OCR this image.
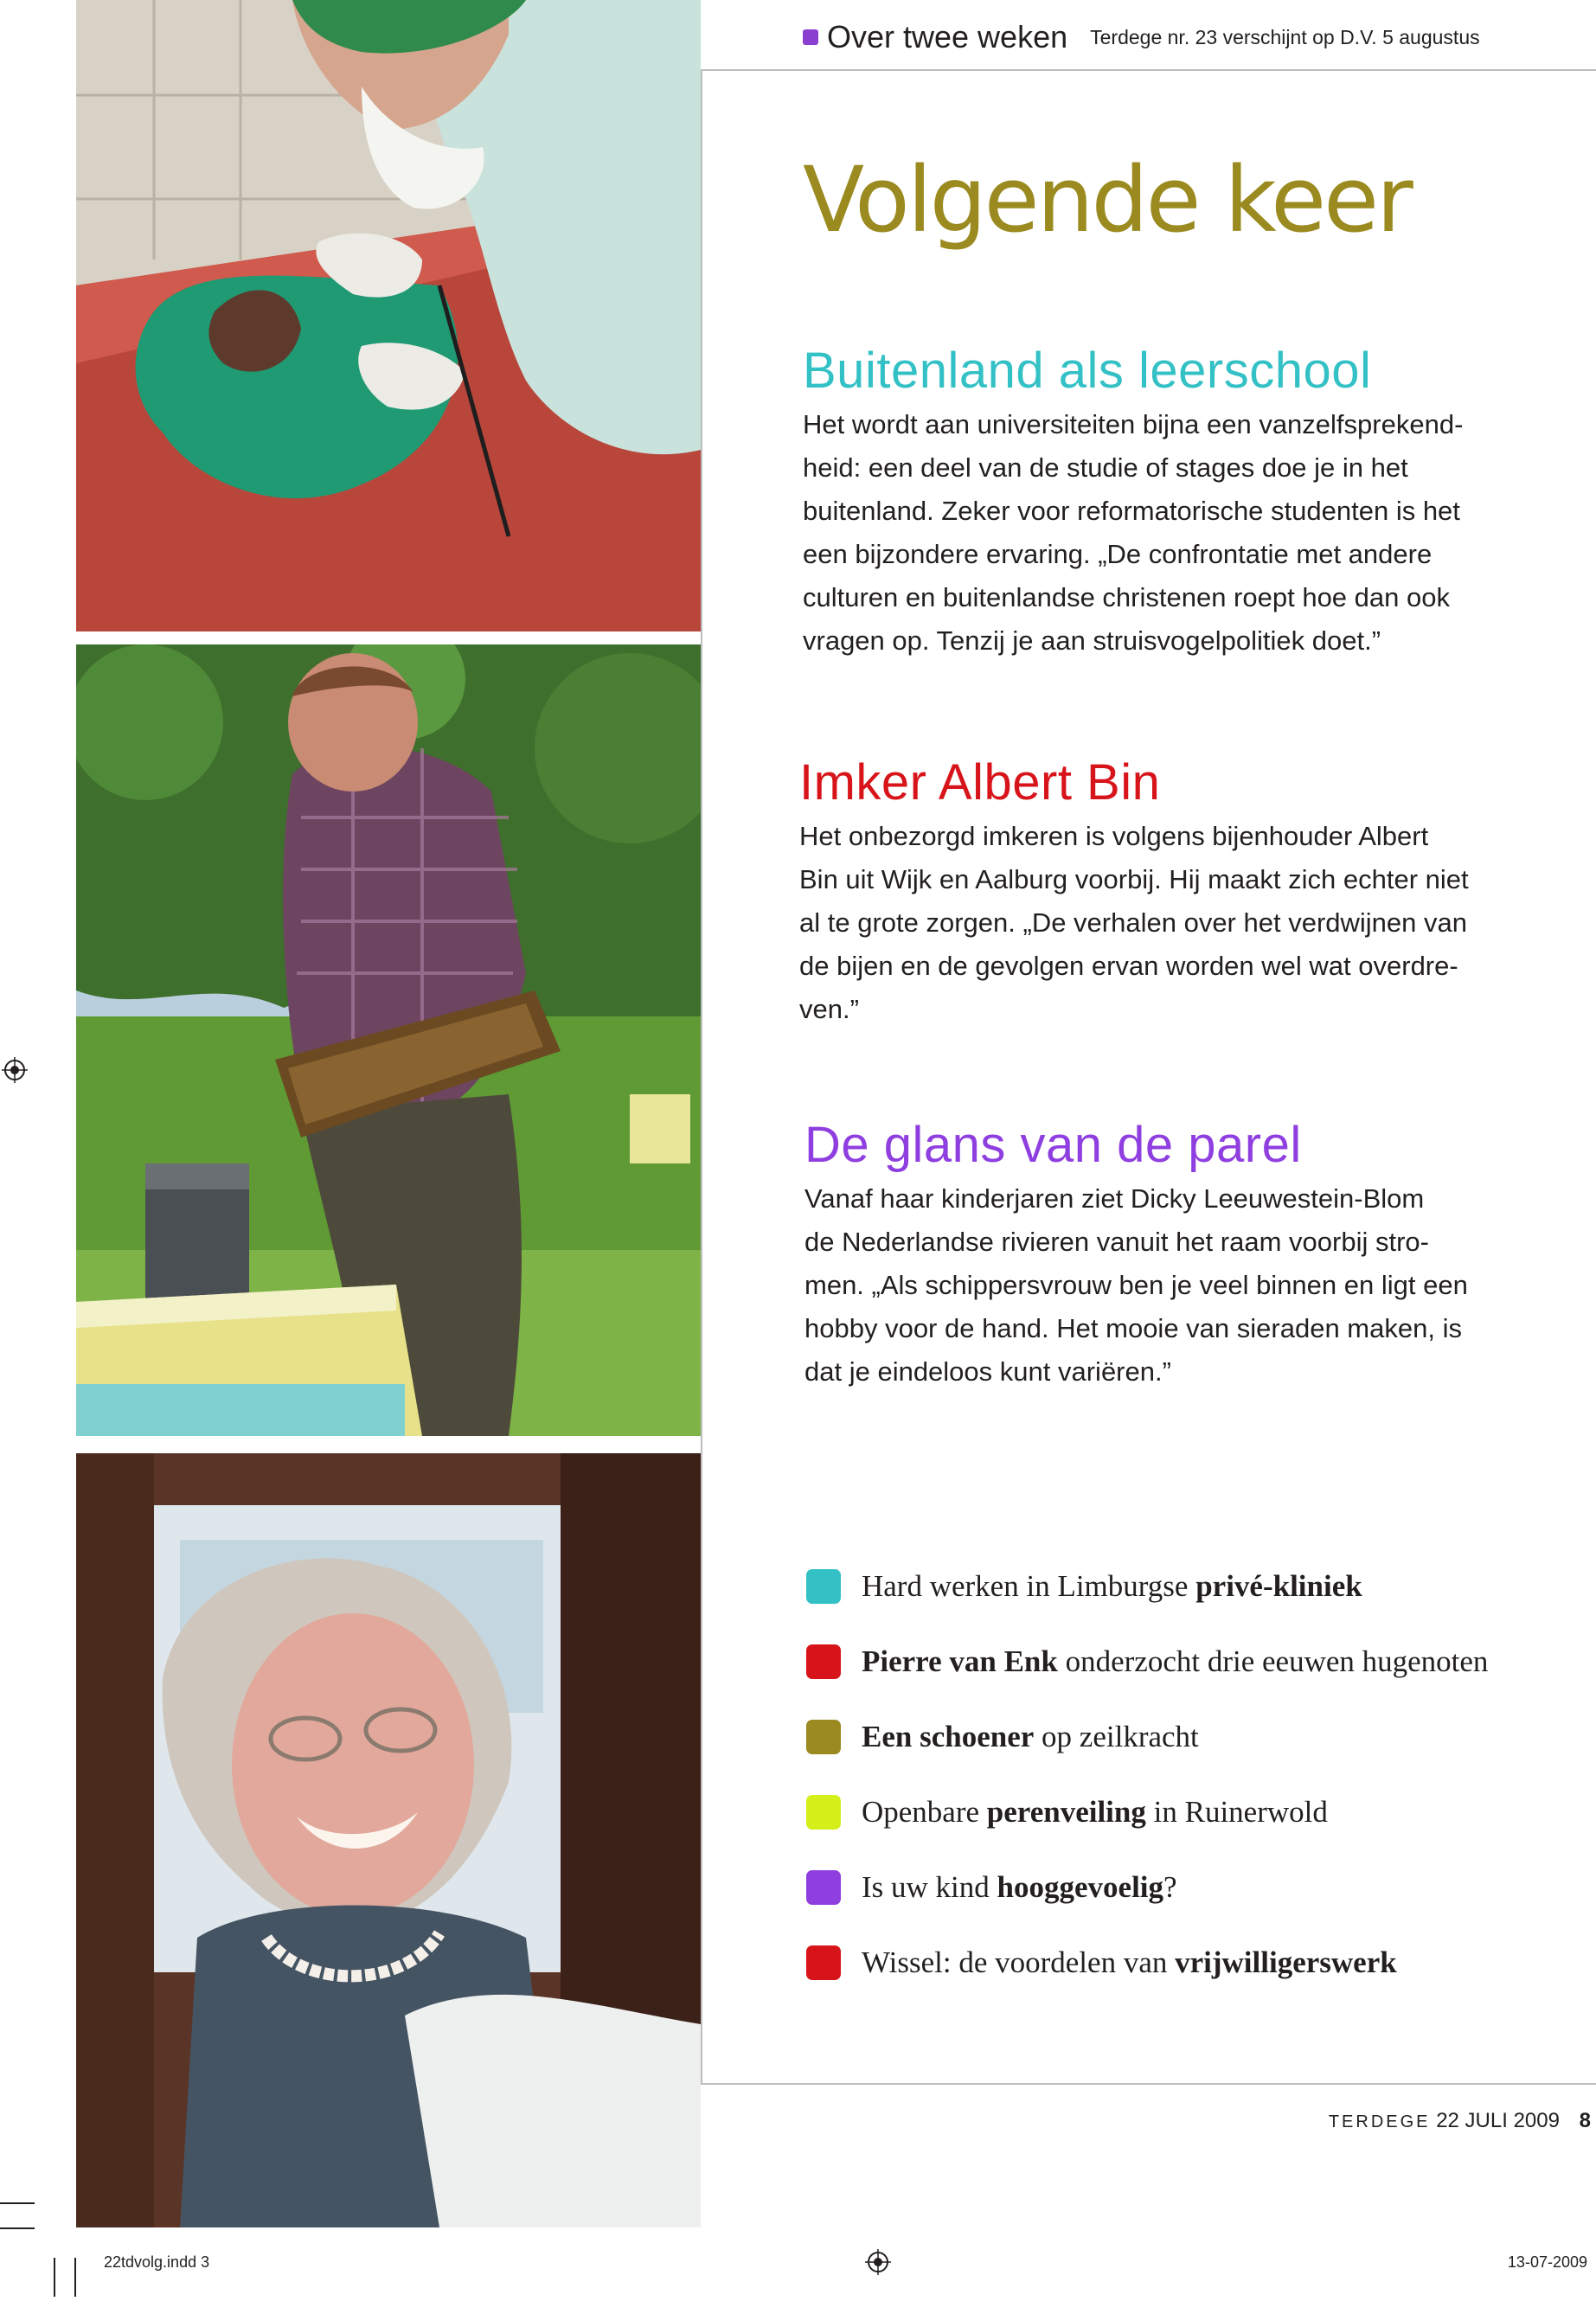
Over twee weken Terdege nr. 23 verschijnt op D.V. 5 augustus
Volgende keer
Buitenland als leerschool

Het wordt aan universiteiten bijna een vanzelfsprekend-
heid: een deel van de studie of stages doe je in het
buitenland. Zeker voor reformatorische studenten is het
een bijzondere ervaring. „De confrontatie met andere
culturen en buitenlandse christenen roept hoe dan ook
vragen op. Tenzij je aan struisvogelpolitiek doet.”

Imker Albert Bin

Het onbezorgd imkeren is volgens bijenhouder Albert
Bin uit Wijk en Aalburg voorbij. Hij maakt zich echter niet
al te grote zorgen. „De verhalen over het verdwijnen van
de bijen en de gevolgen ervan worden wel wat overdre-
ven.”

De glans van de parel

Vanaf haar kinderjaren ziet Dicky Leeuwestein-Blom
de Nederlandse rivieren vanuit het raam voorbij stro-
men. „Als schippersvrouw ben je veel binnen en ligt een
hobby voor de hand. Het mooie van sieraden maken, is
dat je eindeloos kunt variëren.”

Hard werken in Limburgse privé-kliniek
Pierre van Enk onderzocht drie eeuwen hugenoten
Een schoener op zeilkracht
Openbare perenveiling in Ruinerwold
Is uw kind hooggevoelig?
Wissel: de voordelen van vrijwilligerswerk
TERDEGE 22 JULI 2009 8
22tdvolg.indd 3	13-07-2009
